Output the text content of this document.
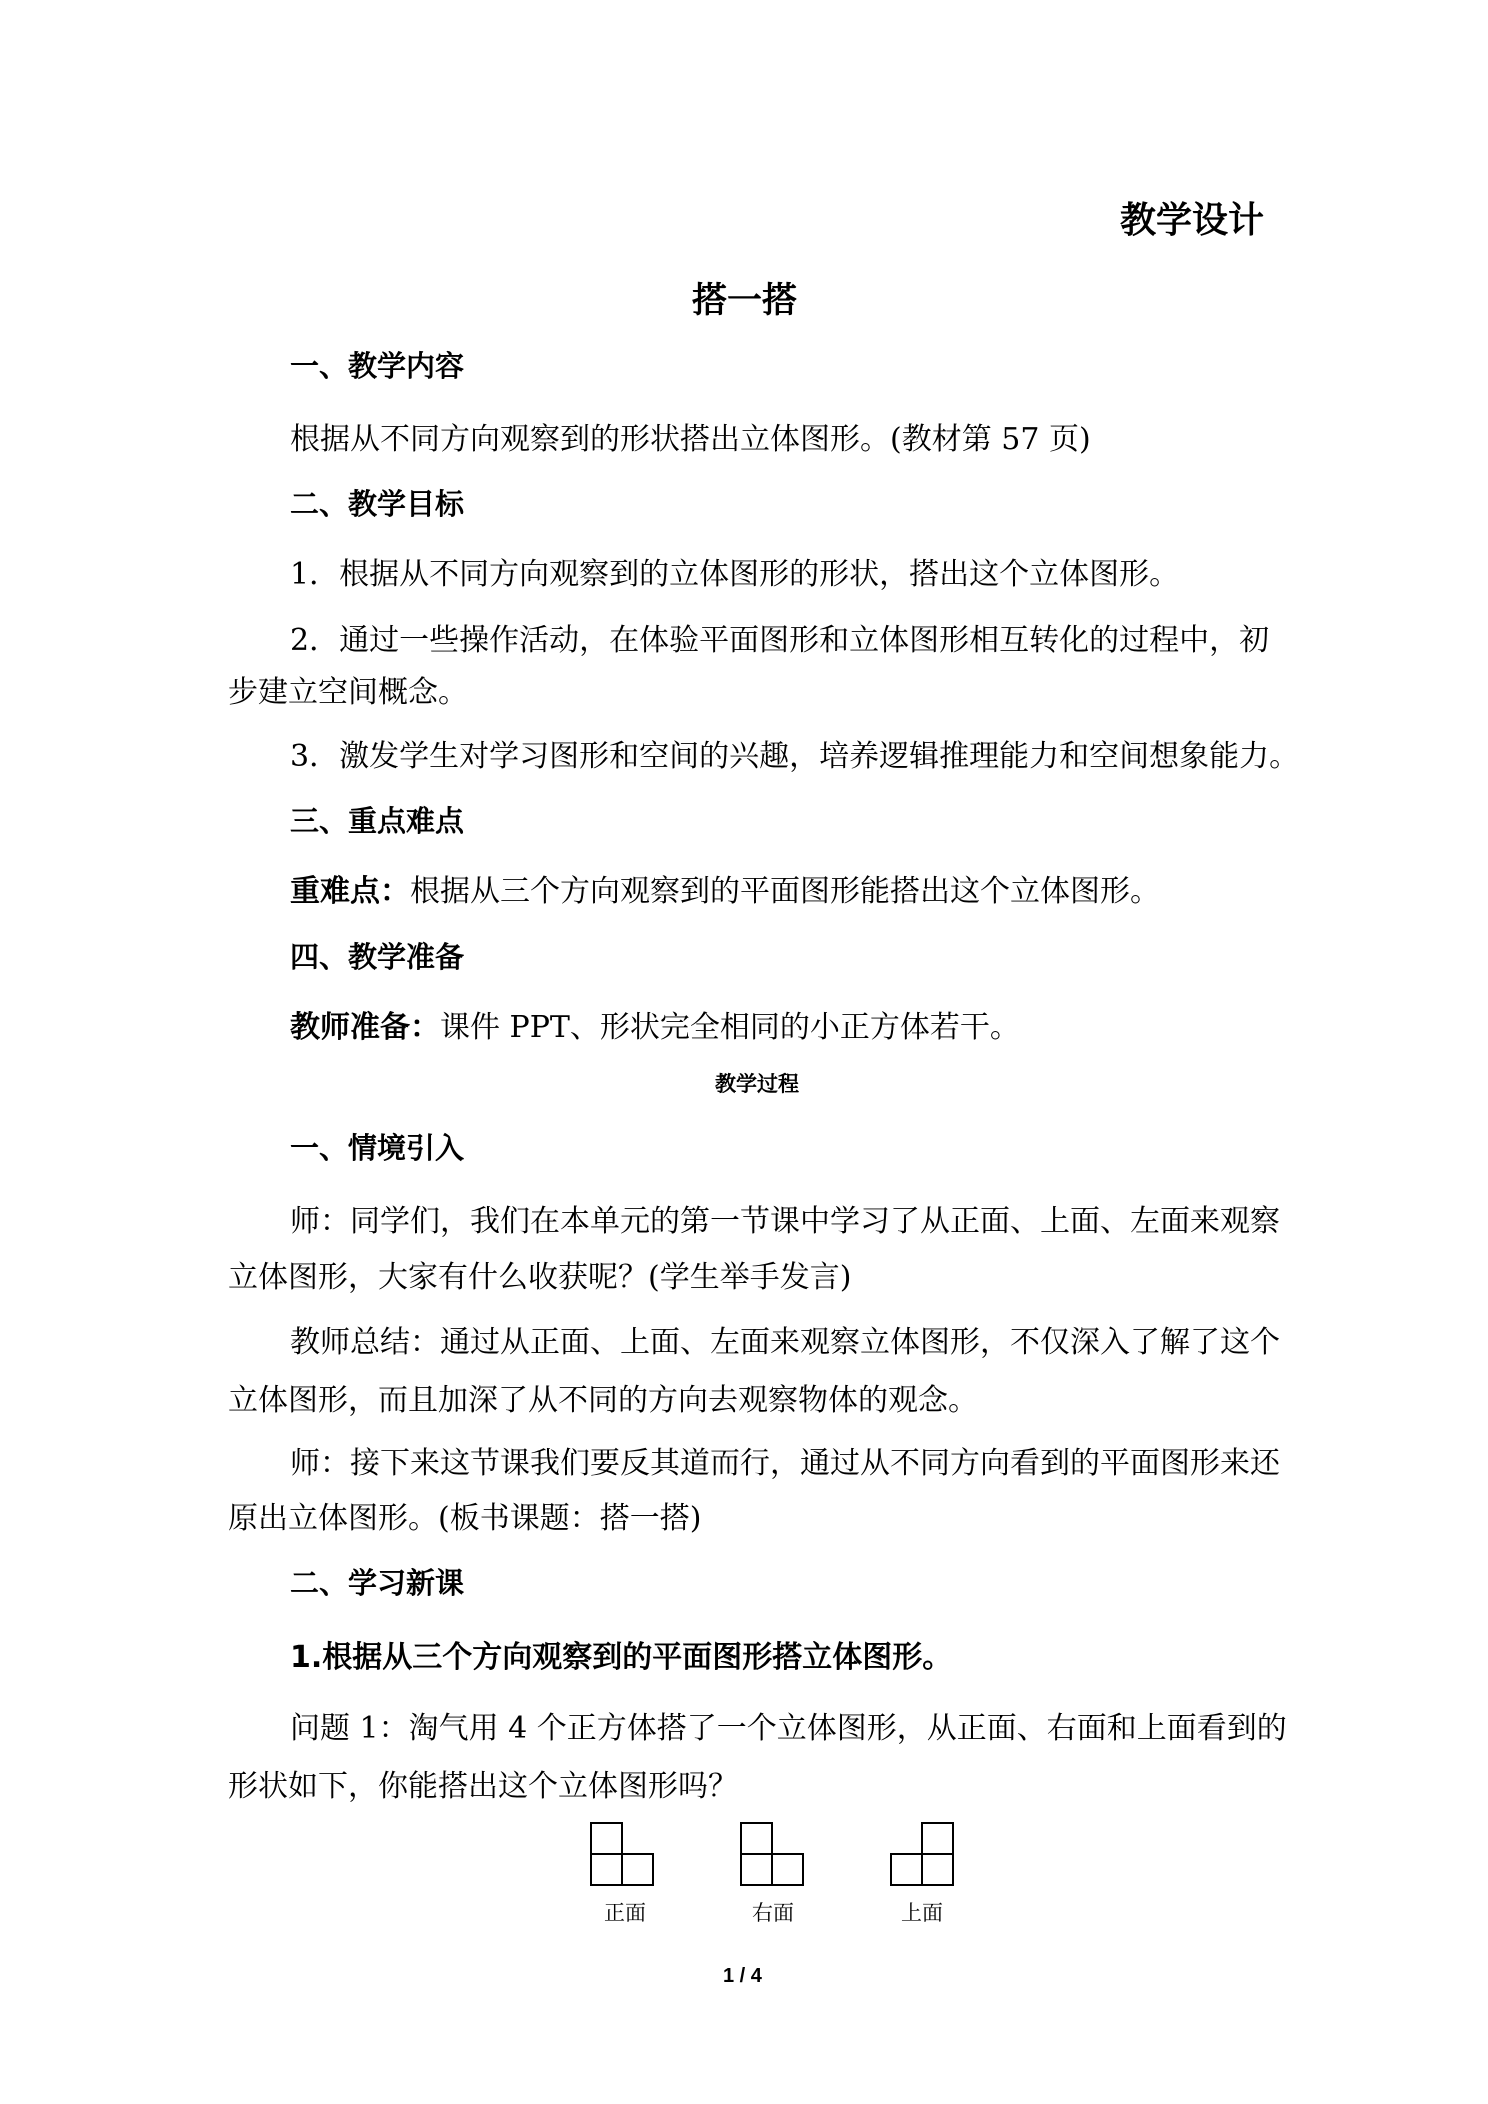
教学设计
搭一搭
一、教学内容
根据从不同方向观察到的形状搭出立体图形。(教材第 57 页)
二、教学目标
1．根据从不同方向观察到的立体图形的形状，搭出这个立体图形。
2．通过一些操作活动，在体验平面图形和立体图形相互转化的过程中，初
步建立空间概念。
3．激发学生对学习图形和空间的兴趣，培养逻辑推理能力和空间想象能力。
三、重点难点
重难点：根据从三个方向观察到的平面图形能搭出这个立体图形。
四、教学准备
教师准备：课件 PPT、形状完全相同的小正方体若干。
教学过程
一、情境引入
师：同学们，我们在本单元的第一节课中学习了从正面、上面、左面来观察
立体图形，大家有什么收获呢？(学生举手发言)
教师总结：通过从正面、上面、左面来观察立体图形，不仅深入了解了这个
立体图形，而且加深了从不同的方向去观察物体的观念。
师：接下来这节课我们要反其道而行，通过从不同方向看到的平面图形来还
原出立体图形。(板书课题：搭一搭)
二、学习新课
1.根据从三个方向观察到的平面图形搭立体图形。
问题 1：淘气用 4 个正方体搭了一个立体图形，从正面、右面和上面看到的
形状如下，你能搭出这个立体图形吗？
正面	右面	上面
1 / 4
